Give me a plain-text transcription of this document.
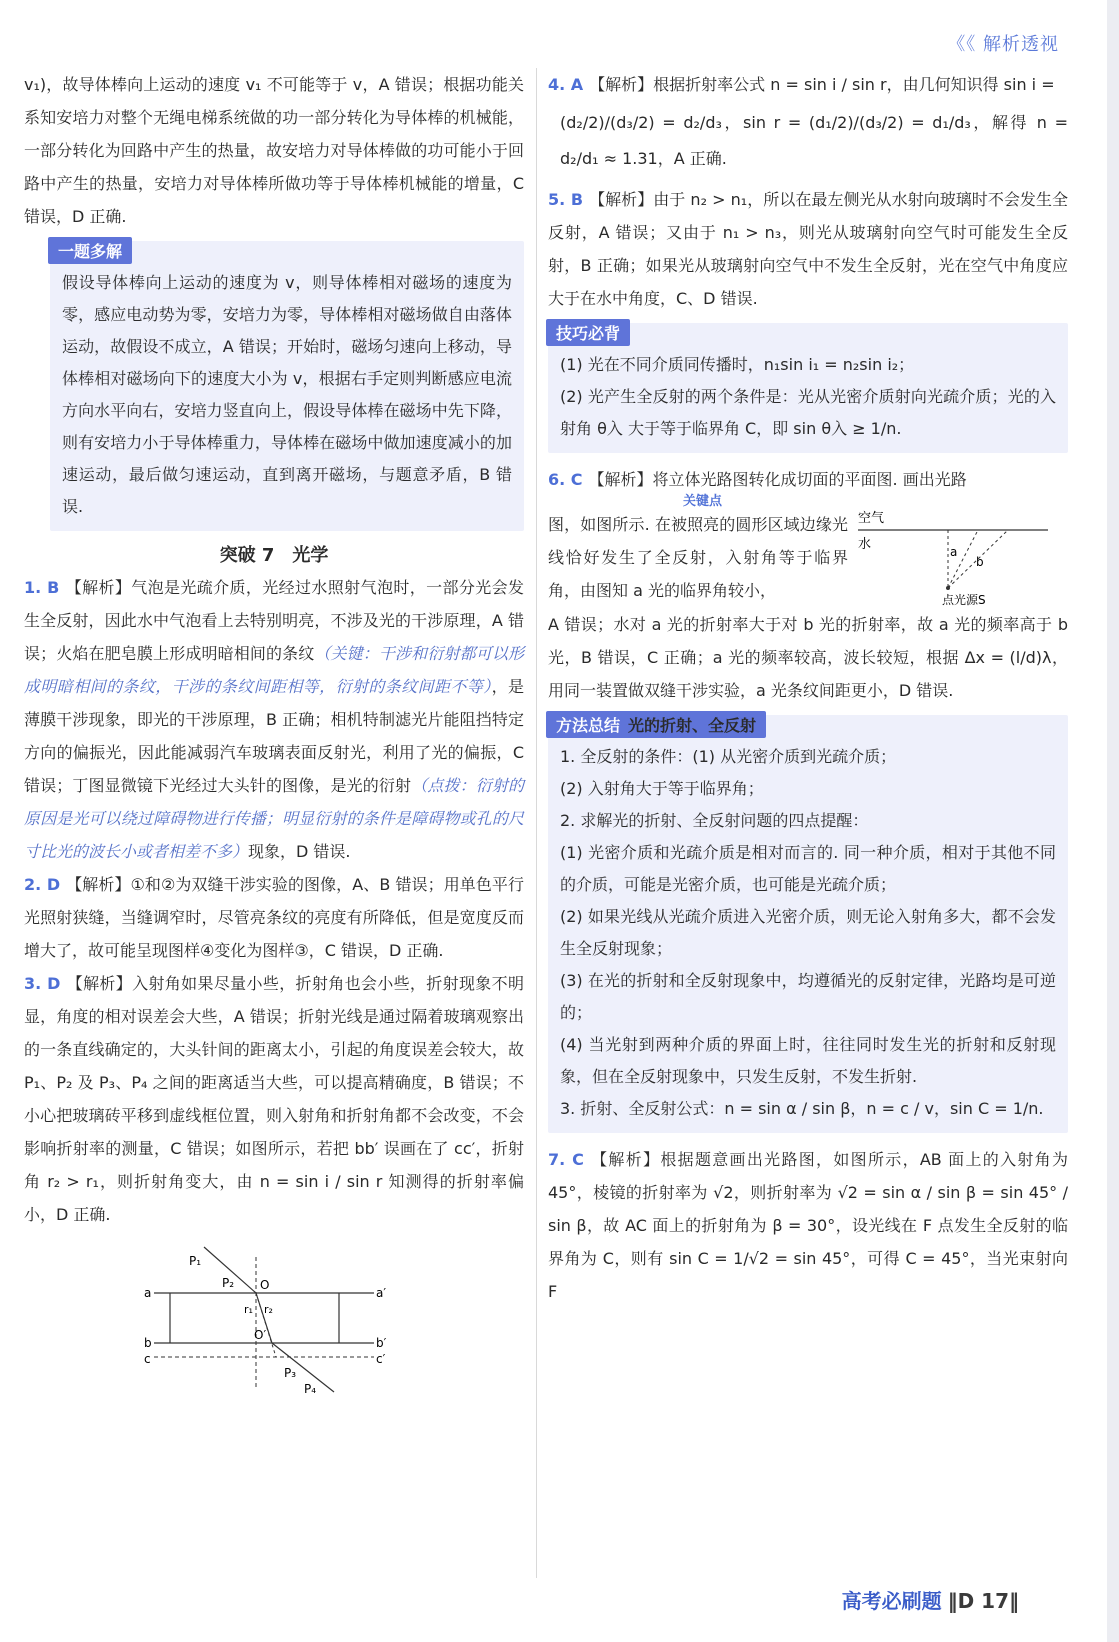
《《 解析透视

v₁)，故导体棒向上运动的速度 v₁ 不可能等于 v，A 错误；根据功能关系知安培力对整个无绳电梯系统做的功一部分转化为导体棒的机械能，一部分转化为回路中产生的热量，故安培力对导体棒做的功可能小于回路中产生的热量，安培力对导体棒所做功等于导体棒机械能的增量，C 错误，D 正确.

一题多解

假设导体棒向上运动的速度为 v，则导体棒相对磁场的速度为零，感应电动势为零，安培力为零，导体棒相对磁场做自由落体运动，故假设不成立，A 错误；开始时，磁场匀速向上移动，导体棒相对磁场向下的速度大小为 v，根据右手定则判断感应电流方向水平向右，安培力竖直向上，假设导体棒在磁场中先下降，则有安培力小于导体棒重力，导体棒在磁场中做加速度减小的加速运动，最后做匀速运动，直到离开磁场，与题意矛盾，B 错误.

突破 7　光学

1. B 【解析】气泡是光疏介质，光经过水照射气泡时，一部分光会发生全反射，因此水中气泡看上去特别明亮，不涉及光的干涉原理，A 错误；火焰在肥皂膜上形成明暗相间的条纹（关键：干涉和衍射都可以形成明暗相间的条纹，干涉的条纹间距相等，衍射的条纹间距不等），是薄膜干涉现象，即光的干涉原理，B 正确；相机特制滤光片能阻挡特定方向的偏振光，因此能减弱汽车玻璃表面反射光，利用了光的偏振，C 错误；丁图显微镜下光经过大头针的图像，是光的衍射（点拨：衍射的原因是光可以绕过障碍物进行传播；明显衍射的条件是障碍物或孔的尺寸比光的波长小或者相差不多）现象，D 错误.

2. D 【解析】①和②为双缝干涉实验的图像，A、B 错误；用单色平行光照射狭缝，当缝调窄时，尽管亮条纹的亮度有所降低，但是宽度反而增大了，故可能呈现图样④变化为图样③，C 错误，D 正确.

3. D 【解析】入射角如果尽量小些，折射角也会小些，折射现象不明显，角度的相对误差会大些，A 错误；折射光线是通过隔着玻璃观察出的一条直线确定的，大头针间的距离太小，引起的角度误差会较大，故 P₁、P₂ 及 P₃、P₄ 之间的距离适当大些，可以提高精确度，B 错误；不小心把玻璃砖平移到虚线框位置，则入射角和折射角都不会改变，不会影响折射率的测量，C 错误；如图所示，若把 bb′ 误画在了 cc′，折射角 r₂ > r₁，则折射角变大，由 n = sin i / sin r 知测得的折射率偏小，D 正确.

P₁
P₂ O
a	a′
r₁ r₂
O′
b	b′
c	c′
P₃
P₄

4. A 【解析】根据折射率公式 n = sin i / sin r，由几何知识得 sin i =

(d₂/2)/(d₃/2) = d₂/d₃，sin r = (d₁/2)/(d₃/2) = d₁/d₃，解得 n = d₂/d₁ ≈ 1.31，A 正确.

5. B 【解析】由于 n₂ > n₁，所以在最左侧光从水射向玻璃时不会发生全反射，A 错误；又由于 n₁ > n₃，则光从玻璃射向空气时可能发生全反射，B 正确；如果光从玻璃射向空气中不发生全反射，光在空气中角度应大于在水中角度，C、D 错误.

技巧必背

(1) 光在不同介质同传播时，n₁sin i₁ = n₂sin i₂；

(2) 光产生全反射的两个条件是：光从光密介质射向光疏介质；光的入射角 θ入 大于等于临界角 C，即 sin θ入 ≥ 1/n.

6. C 【解析】将立体光路图转化成切面的平面图. 画出光路

关键点

图，如图所示. 在被照亮的圆形区域边缘光线恰好发生了全反射，入射角等于临界角，由图知 a 光的临界角较小，

空气
水	a
b
点光源S

A 错误；水对 a 光的折射率大于对 b 光的折射率，故 a 光的频率高于 b 光，B 错误，C 正确；a 光的频率较高，波长较短，根据 Δx = (l/d)λ，用同一装置做双缝干涉实验，a 光条纹间距更小，D 错误.

方法总结 光的折射、全反射

1. 全反射的条件：(1) 从光密介质到光疏介质；

(2) 入射角大于等于临界角；

2. 求解光的折射、全反射问题的四点提醒：

(1) 光密介质和光疏介质是相对而言的. 同一种介质，相对于其他不同的介质，可能是光密介质，也可能是光疏介质；

(2) 如果光线从光疏介质进入光密介质，则无论入射角多大，都不会发生全反射现象；

(3) 在光的折射和全反射现象中，均遵循光的反射定律，光路均是可逆的；

(4) 当光射到两种介质的界面上时，往往同时发生光的折射和反射现象，但在全反射现象中，只发生反射，不发生折射.

3. 折射、全反射公式：n = sin α / sin β，n = c / v，sin C = 1/n.

7. C 【解析】根据题意画出光路图，如图所示，AB 面上的入射角为 45°，棱镜的折射率为 √2，则折射率为 √2 = sin α / sin β = sin 45° / sin β，故 AC 面上的折射角为 β = 30°，设光线在 F 点发生全反射的临界角为 C，则有 sin C = 1/√2 = sin 45°，可得 C = 45°，当光束射向 F

高考必刷题 ‖D 17‖
